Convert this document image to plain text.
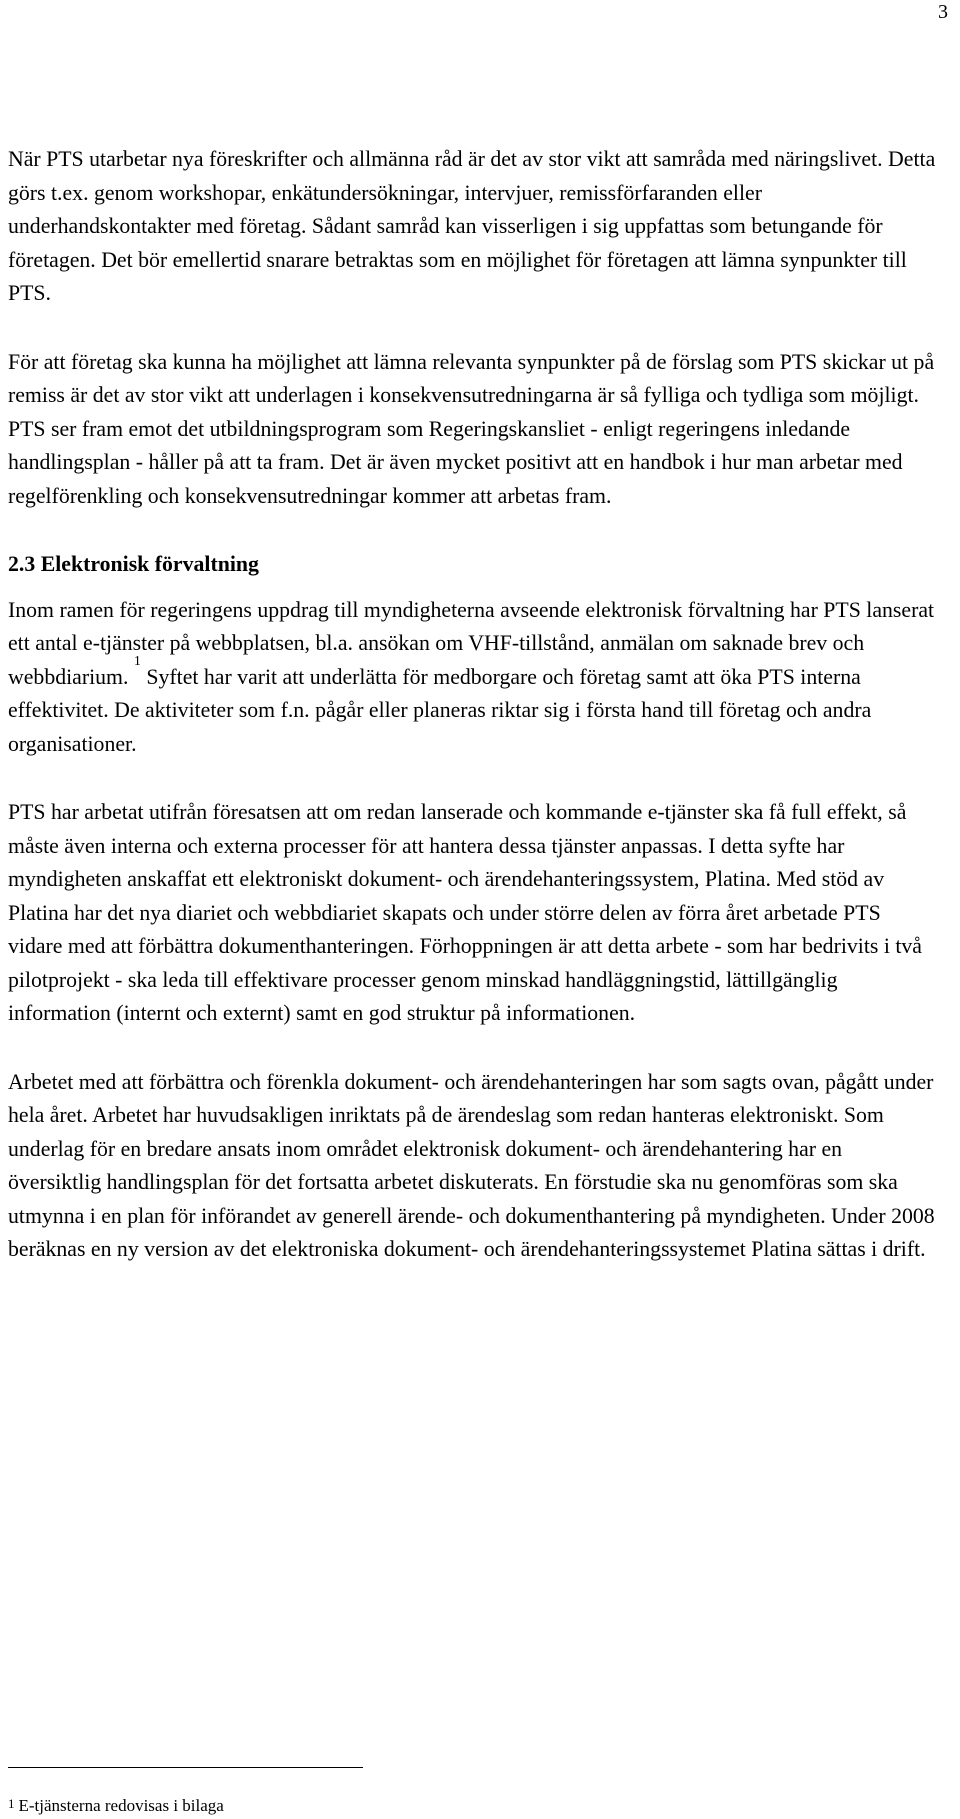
3

När PTS utarbetar nya föreskrifter och allmänna råd är det av stor vikt att samråda med näringslivet. Detta görs t.ex. genom workshopar, enkätundersökningar, intervjuer, remissförfaranden eller underhandskontakter med företag. Sådant samråd kan visserligen i sig uppfattas som betungande för företagen. Det bör emellertid snarare betraktas som en möjlighet för företagen att lämna synpunkter till PTS.

För att företag ska kunna ha möjlighet att lämna relevanta synpunkter på de förslag som PTS skickar ut på remiss är det av stor vikt att underlagen i konsekvensutredningarna är så fylliga och tydliga som möjligt. PTS ser fram emot det utbildningsprogram som Regeringskansliet - enligt regeringens inledande handlingsplan - håller på att ta fram. Det är även mycket positivt att en handbok i hur man arbetar med regelförenkling och konsekvensutredningar kommer att arbetas fram.

2.3 Elektronisk förvaltning

Inom ramen för regeringens uppdrag till myndigheterna avseende elektronisk förvaltning har PTS lanserat ett antal e-tjänster på webbplatsen, bl.a. ansökan om VHF-tillstånd, anmälan om saknade brev och webbdiarium. $^1$ Syftet har varit att underlätta för medborgare och företag samt att öka PTS interna effektivitet. De aktiviteter som f.n. pågår eller planeras riktar sig i första hand till företag och andra organisationer.

PTS har arbetat utifrån föresatsen att om redan lanserade och kommande e-tjänster ska få full effekt, så måste även interna och externa processer för att hantera dessa tjänster anpassas. I detta syfte har myndigheten anskaffat ett elektroniskt dokument- och ärendehanteringssystem, Platina. Med stöd av Platina har det nya diariet och webbdiariet skapats och under större delen av förra året arbetade PTS vidare med att förbättra dokumenthanteringen. Förhoppningen är att detta arbete - som har bedrivits i två pilotprojekt - ska leda till effektivare processer genom minskad handläggningstid, lättillgänglig information (internt och externt) samt en god struktur på informationen.

Arbetet med att förbättra och förenkla dokument- och ärendehanteringen har som sagts ovan, pågått under hela året. Arbetet har huvudsakligen inriktats på de ärendeslag som redan hanteras elektroniskt. Som underlag för en bredare ansats inom området elektronisk dokument- och ärendehantering har en översiktlig handlingsplan för det fortsatta arbetet diskuterats. En förstudie ska nu genomföras som ska utmynna i en plan för införandet av generell ärende- och dokumenthantering på myndigheten. Under 2008 beräknas en ny version av det elektroniska dokument- och ärendehanteringssystemet Platina sättas i drift.

1 E-tjänsterna redovisas i bilaga
